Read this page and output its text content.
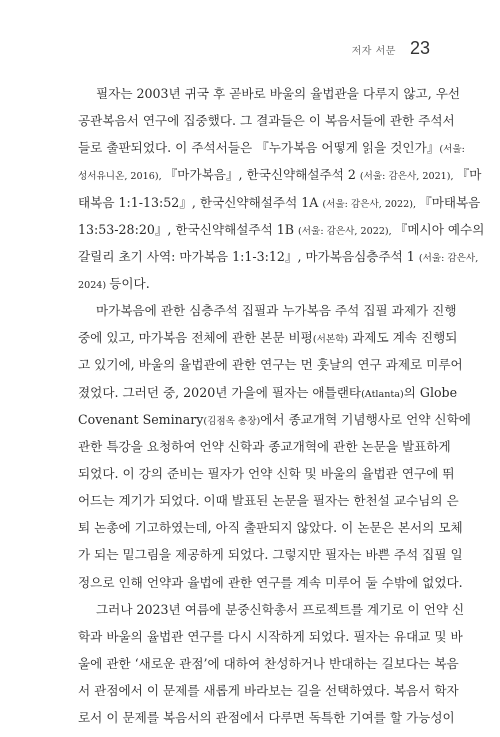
저자 서문 23
필자는 2003년 귀국 후 곧바로 바울의 율법관을 다루지 않고, 우선
공관복음서 연구에 집중했다. 그 결과들은 이 복음서들에 관한 주석서
들로 출판되었다. 이 주석서들은 『누가복음 어떻게 읽을 것인가』(서울:
성서유니온, 2016), 『마가복음』, 한국신약해설주석 2 (서울: 감은사, 2021), 『마
태복음 1:1-13:52』, 한국신약해설주석 1A (서울: 감은사, 2022), 『마태복음
13:53-28:20』, 한국신약해설주석 1B (서울: 감은사, 2022), 『메시아 예수의
갈릴리 초기 사역: 마가복음 1:1-3:12』, 마가복음심층주석 1 (서울: 감은사,
2024) 등이다.
마가복음에 관한 심층주석 집필과 누가복음 주석 집필 과제가 진행
중에 있고, 마가복음 전체에 관한 본문 비평(서본학) 과제도 계속 진행되
고 있기에, 바울의 율법관에 관한 연구는 먼 훗날의 연구 과제로 미루어
졌었다. 그러던 중, 2020년 가을에 필자는 애틀랜타(Atlanta)의 Globe
Covenant Seminary(김점옥 총장)에서 종교개혁 기념행사로 언약 신학에
관한 특강을 요청하여 언약 신학과 종교개혁에 관한 논문을 발표하게
되었다. 이 강의 준비는 필자가 언약 신학 및 바울의 율법관 연구에 뛰
어드는 계기가 되었다. 이때 발표된 논문을 필자는 한천설 교수님의 은
퇴 논총에 기고하였는데, 아직 출판되지 않았다. 이 논문은 본서의 모체
가 되는 밑그림을 제공하게 되었다. 그렇지만 필자는 바쁜 주석 집필 일
정으로 인해 언약과 율법에 관한 연구를 계속 미루어 둘 수밖에 없었다.
그러나 2023년 여름에 분중신학총서 프로젝트를 계기로 이 언약 신
학과 바울의 율법관 연구를 다시 시작하게 되었다. 필자는 유대교 및 바
울에 관한 ‘새로운 관점’에 대하여 찬성하거나 반대하는 길보다는 복음
서 관점에서 이 문제를 새롭게 바라보는 길을 선택하였다. 복음서 학자
로서 이 문제를 복음서의 관점에서 다루면 독특한 기여를 할 가능성이
